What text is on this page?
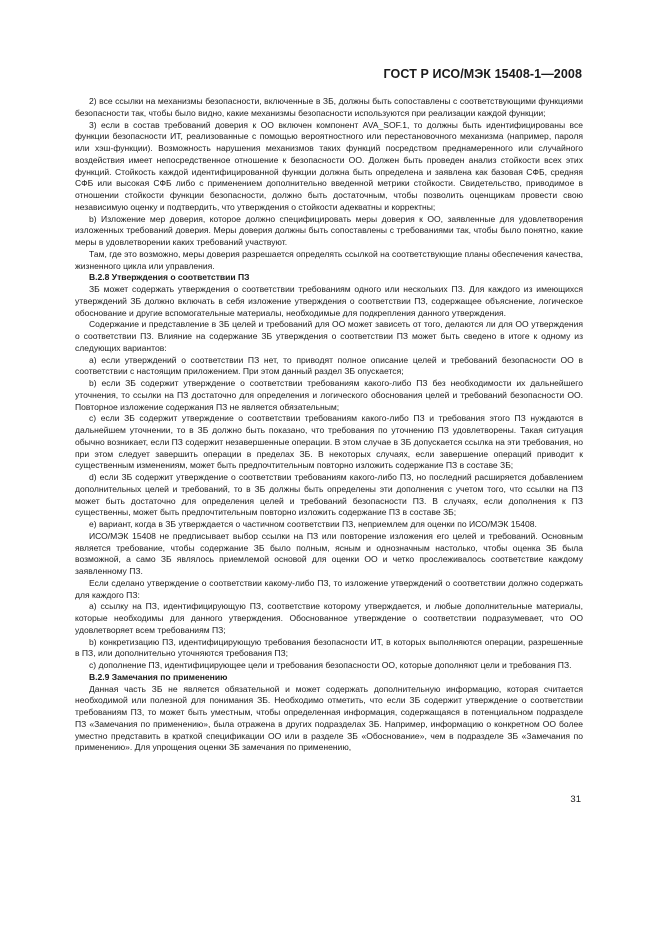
ГОСТ Р ИСО/МЭК 15408-1—2008

2) все ссылки на механизмы безопасности, включенные в ЗБ, должны быть сопоставлены с соответствующими функциями безопасности так, чтобы было видно, какие механизмы безопасности используются при реализации каждой функции;

3) если в состав требований доверия к ОО включен компонент AVA_SOF.1, то должны быть идентифицированы все функции безопасности ИТ, реализованные с помощью вероятностного или перестановочного механизма (например, пароля или хэш-функции). Возможность нарушения механизмов таких функций посредством преднамеренного или случайного воздействия имеет непосредственное отношение к безопасности ОО. Должен быть проведен анализ стойкости всех этих функций. Стойкость каждой идентифицированной функции должна быть определена и заявлена как базовая СФБ, средняя СФБ или высокая СФБ либо с применением дополнительно введенной метрики стойкости. Свидетельство, приводимое в отношении стойкости функции безопасности, должно быть достаточным, чтобы позволить оценщикам провести свою независимую оценку и подтвердить, что утверждения о стойкости адекватны и корректны;

b) Изложение мер доверия, которое должно специфицировать меры доверия к ОО, заявленные для удовлетворения изложенных требований доверия. Меры доверия должны быть сопоставлены с требованиями так, чтобы было понятно, какие меры в удовлетворении каких требований участвуют.

Там, где это возможно, меры доверия разрешается определять ссылкой на соответствующие планы обеспечения качества, жизненного цикла или управления.

В.2.8 Утверждения о соответствии ПЗ

ЗБ может содержать утверждения о соответствии требованиям одного или нескольких ПЗ. Для каждого из имеющихся утверждений ЗБ должно включать в себя изложение утверждения о соответствии ПЗ, содержащее объяснение, логическое обоснование и другие вспомогательные материалы, необходимые для подкрепления данного утверждения.

Содержание и представление в ЗБ целей и требований для ОО может зависеть от того, делаются ли для ОО утверждения о соответствии ПЗ. Влияние на содержание ЗБ утверждения о соответствии ПЗ может быть сведено в итоге к одному из следующих вариантов:

a) если утверждений о соответствии ПЗ нет, то приводят полное описание целей и требований безопасности ОО в соответствии с настоящим приложением. При этом данный раздел ЗБ опускается;

b) если ЗБ содержит утверждение о соответствии требованиям какого-либо ПЗ без необходимости их дальнейшего уточнения, то ссылки на ПЗ достаточно для определения и логического обоснования целей и требований безопасности ОО. Повторное изложение содержания ПЗ не является обязательным;

c) если ЗБ содержит утверждение о соответствии требованиям какого-либо ПЗ и требования этого ПЗ нуждаются в дальнейшем уточнении, то в ЗБ должно быть показано, что требования по уточнению ПЗ удовлетворены. Такая ситуация обычно возникает, если ПЗ содержит незавершенные операции. В этом случае в ЗБ допускается ссылка на эти требования, но при этом следует завершить операции в пределах ЗБ. В некоторых случаях, если завершение операций приводит к существенным изменениям, может быть предпочтительным повторно изложить содержание ПЗ в составе ЗБ;

d) если ЗБ содержит утверждение о соответствии требованиям какого-либо ПЗ, но последний расширяется добавлением дополнительных целей и требований, то в ЗБ должны быть определены эти дополнения с учетом того, что ссылки на ПЗ может быть достаточно для определения целей и требований безопасности ПЗ. В случаях, если дополнения к ПЗ существенны, может быть предпочтительным повторно изложить содержание ПЗ в составе ЗБ;

e) вариант, когда в ЗБ утверждается о частичном соответствии ПЗ, неприемлем для оценки по ИСО/МЭК 15408.

ИСО/МЭК 15408 не предписывает выбор ссылки на ПЗ или повторение изложения его целей и требований. Основным является требование, чтобы содержание ЗБ было полным, ясным и однозначным настолько, чтобы оценка ЗБ была возможной, а само ЗБ являлось приемлемой основой для оценки ОО и четко прослеживалось соответствие каждому заявленному ПЗ.

Если сделано утверждение о соответствии какому-либо ПЗ, то изложение утверждений о соответствии должно содержать для каждого ПЗ:

a) ссылку на ПЗ, идентифицирующую ПЗ, соответствие которому утверждается, и любые дополнительные материалы, которые необходимы для данного утверждения. Обоснованное утверждение о соответствии подразумевает, что ОО удовлетворяет всем требованиям ПЗ;

b) конкретизацию ПЗ, идентифицирующую требования безопасности ИТ, в которых выполняются операции, разрешенные в ПЗ, или дополнительно уточняются требования ПЗ;

c) дополнение ПЗ, идентифицирующее цели и требования безопасности ОО, которые дополняют цели и требования ПЗ.

В.2.9 Замечания по применению

Данная часть ЗБ не является обязательной и может содержать дополнительную информацию, которая считается необходимой или полезной для понимания ЗБ. Необходимо отметить, что если ЗБ содержит утверждение о соответствии требованиям ПЗ, то может быть уместным, чтобы определенная информация, содержащаяся в потенциальном подразделе ПЗ «Замечания по применению», была отражена в других подразделах ЗБ. Например, информацию о конкретном ОО более уместно представить в краткой спецификации ОО или в разделе ЗБ «Обоснование», чем в подразделе ЗБ «Замечания по применению». Для упрощения оценки ЗБ замечания по применению,

31
